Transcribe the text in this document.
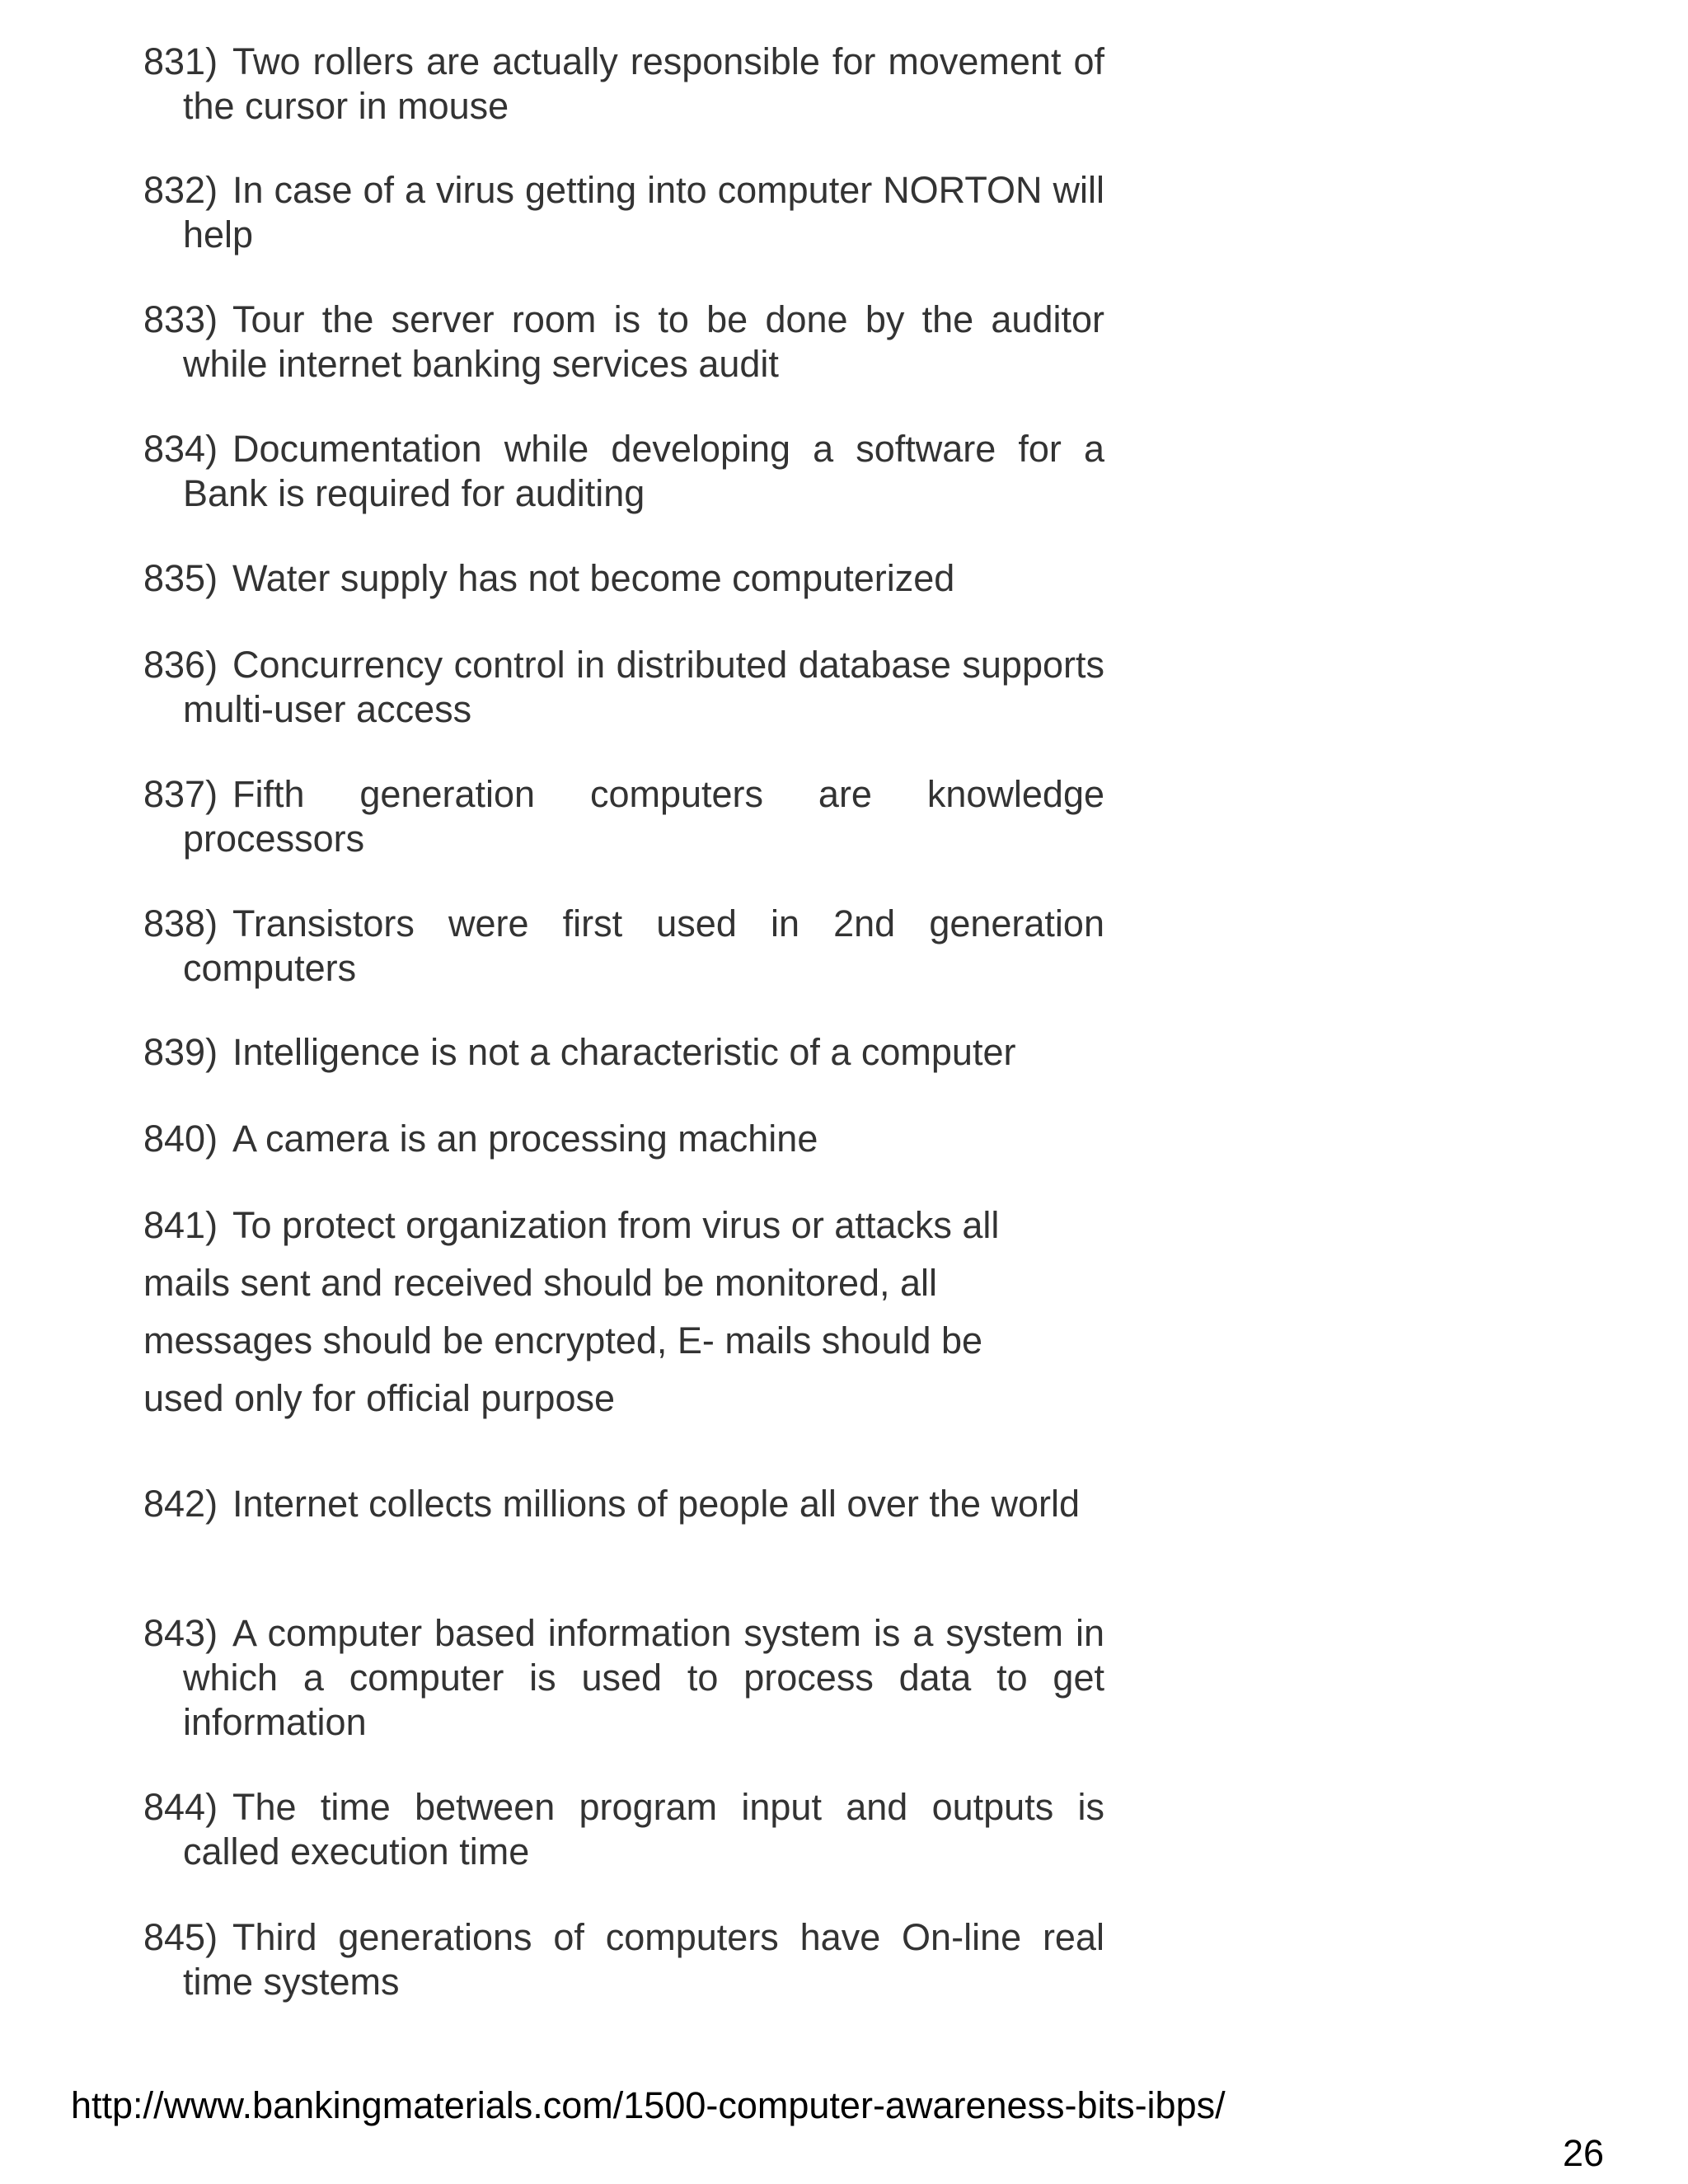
831) Two rollers are actually responsible for movement of the cursor in mouse
832) In case of a virus getting into computer NORTON will help
833) Tour the server room is to be done by the auditor while internet banking services audit
834) Documentation while developing a software for a Bank is required for auditing
835) Water supply has not become computerized
836) Concurrency control in distributed database supports multi-user access
837) Fifth generation computers are knowledge processors
838) Transistors were first used in 2nd generation computers
839) Intelligence is not a characteristic of a computer
840) A camera is an processing machine
841) To protect organization from virus or attacks all mails sent and received should be monitored, all messages should be encrypted, E- mails should be used only for official purpose
842) Internet collects millions of people all over the world
843) A computer based information system is a system in which a computer is used to process data to get information
844) The time between program input and outputs is called execution time
845) Third generations of computers have On-line real time systems
http://www.bankingmaterials.com/1500-computer-awareness-bits-ibps/
26
